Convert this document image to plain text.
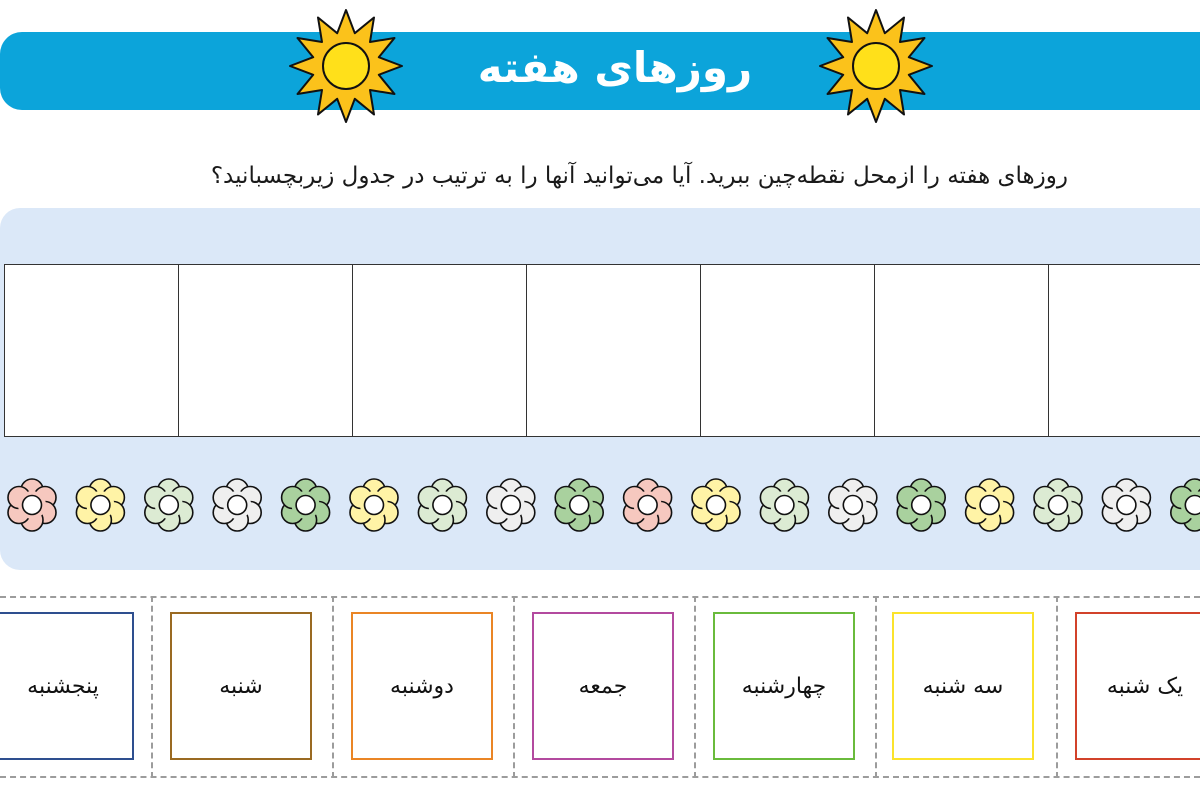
روزهای هفته
روزهای هفته را ازمحل نقطه‌چین ببرید. آیا می‌توانید آنها را به ترتیب در جدول زیربچسبانید؟
پنجشنبه	شنبه	دوشنبه	جمعه	چهارشنبه	سه شنبه	یک شنبه
